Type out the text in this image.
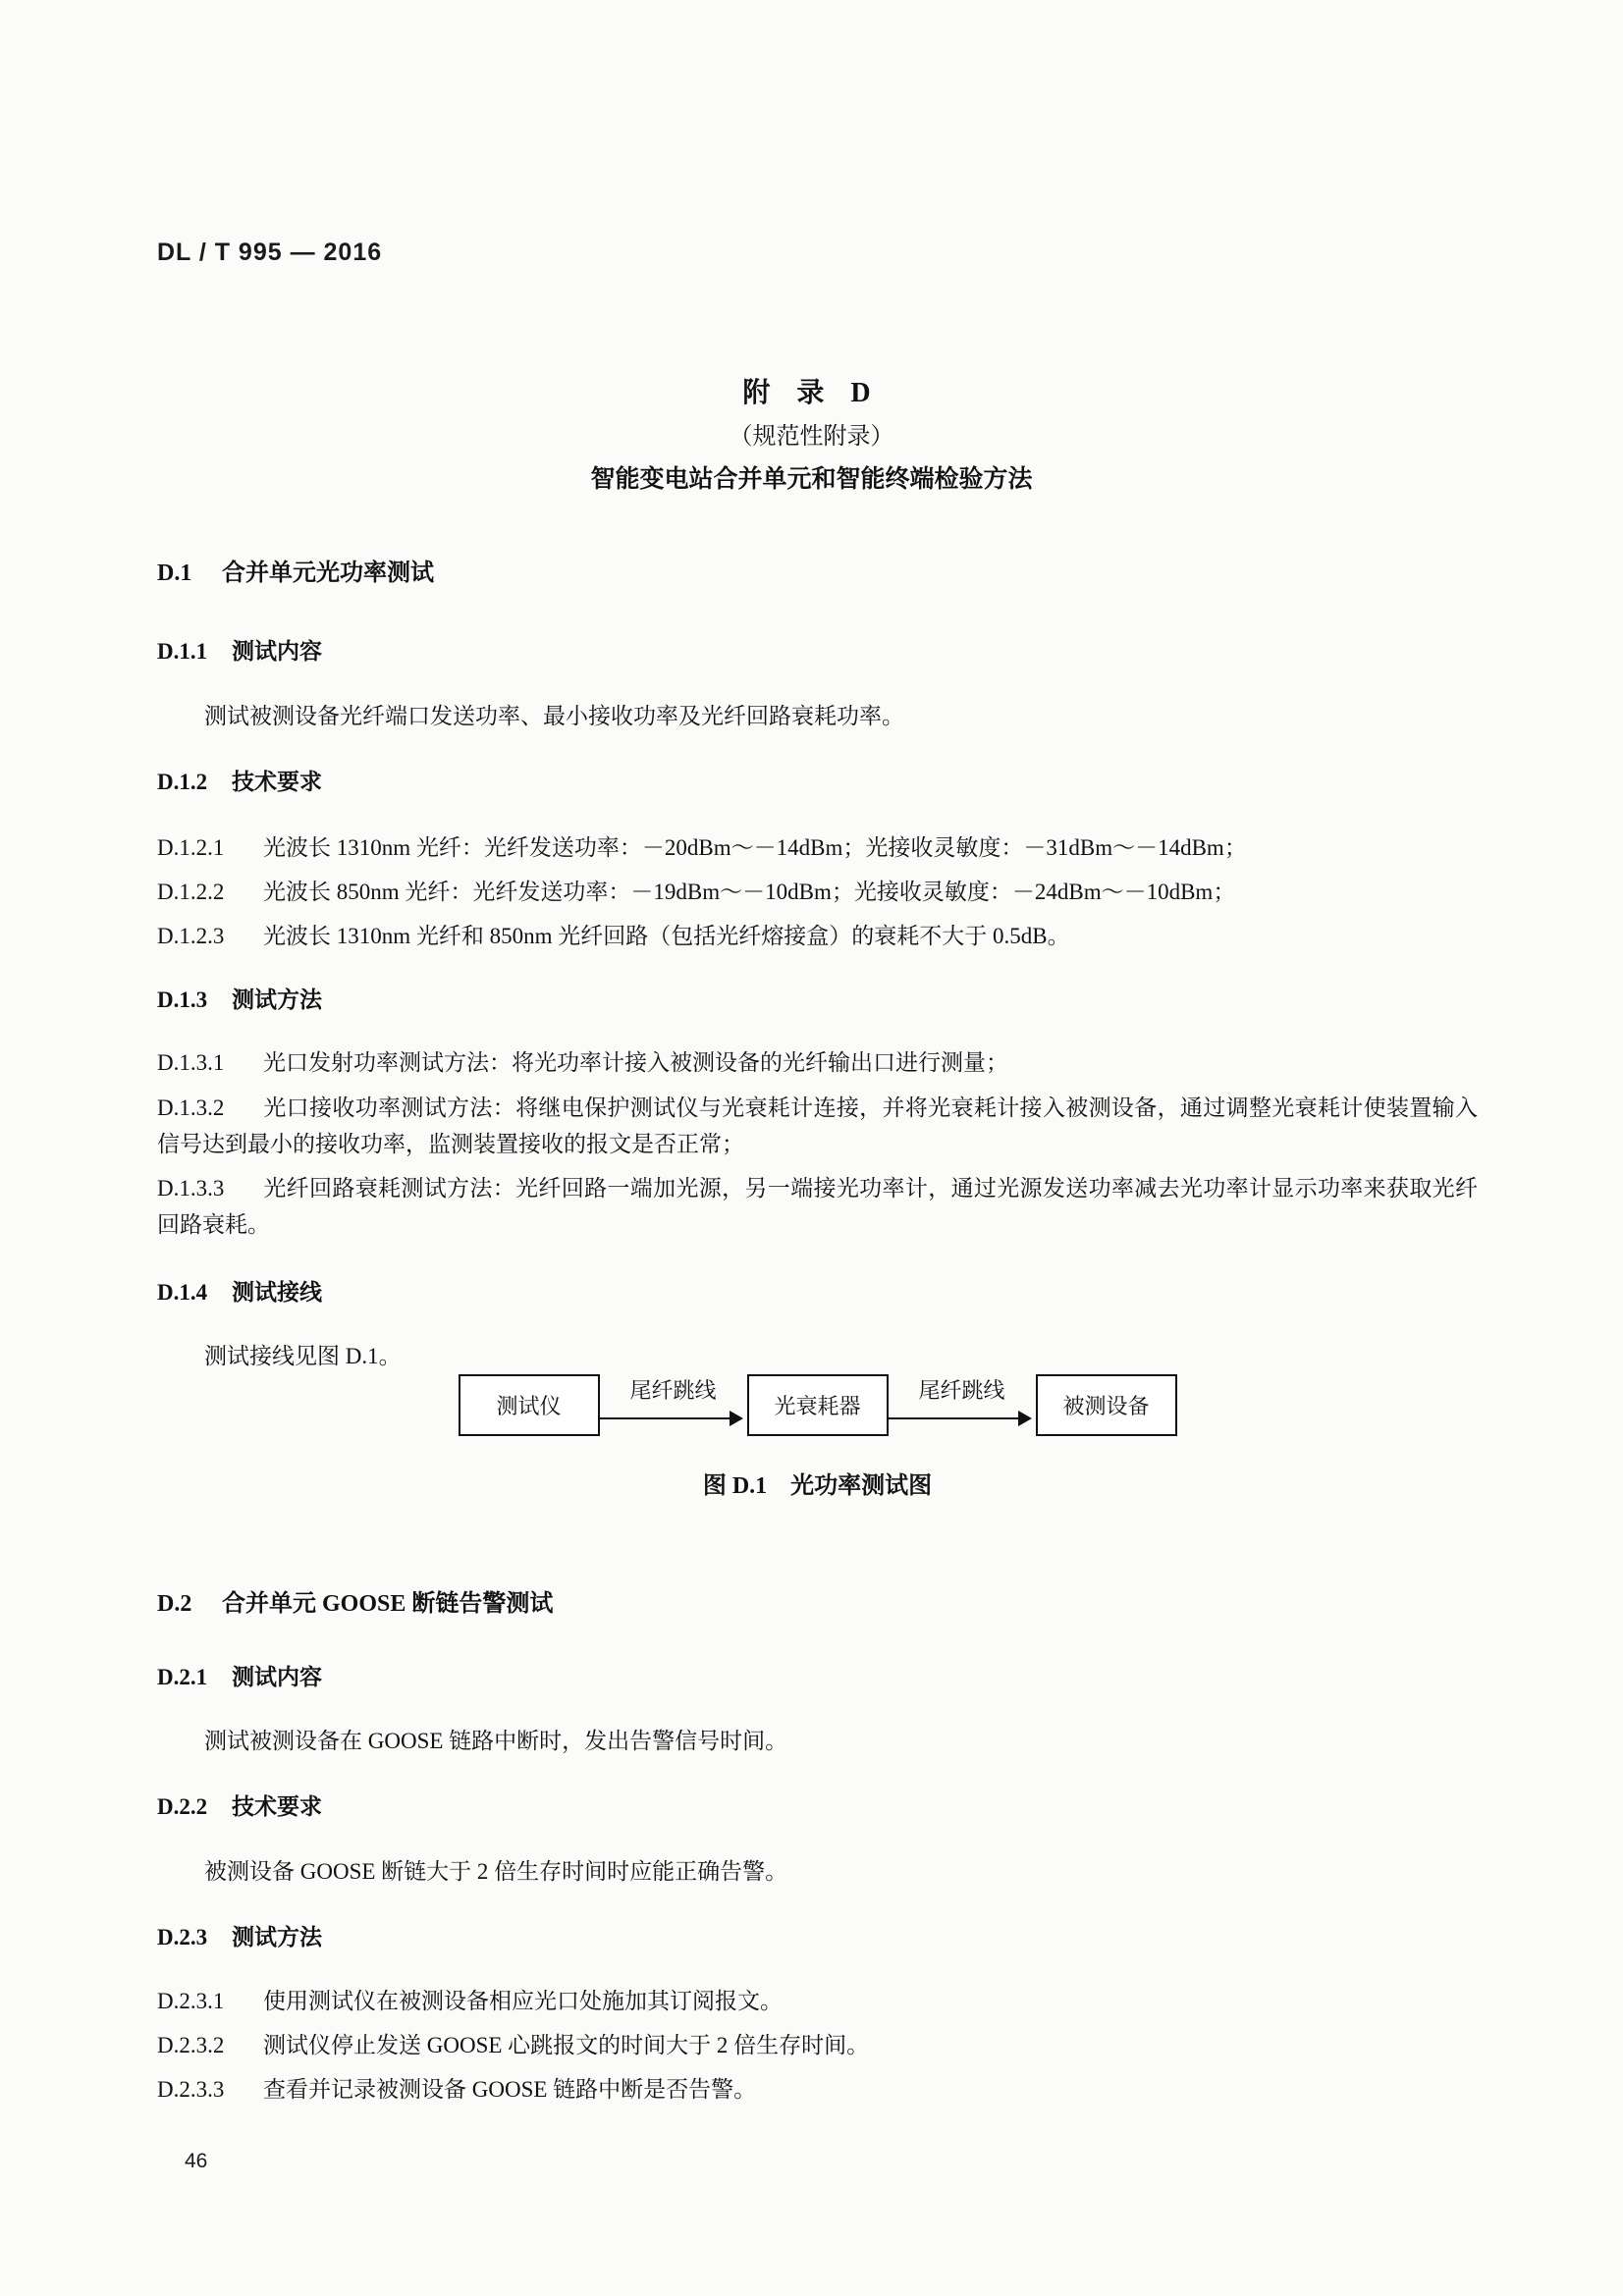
DL / T 995 — 2016
附 录 D
（规范性附录）
智能变电站合并单元和智能终端检验方法
D.1 合并单元光功率测试
D.1.1 测试内容
测试被测设备光纤端口发送功率、最小接收功率及光纤回路衰耗功率。
D.1.2 技术要求
D.1.2.1 光波长 1310nm 光纤：光纤发送功率：－20dBm～－14dBm；光接收灵敏度：－31dBm～－14dBm；
D.1.2.2 光波长 850nm 光纤：光纤发送功率：－19dBm～－10dBm；光接收灵敏度：－24dBm～－10dBm；
D.1.2.3 光波长 1310nm 光纤和 850nm 光纤回路（包括光纤熔接盒）的衰耗不大于 0.5dB。
D.1.3 测试方法
D.1.3.1 光口发射功率测试方法：将光功率计接入被测设备的光纤输出口进行测量；
D.1.3.2 光口接收功率测试方法：将继电保护测试仪与光衰耗计连接，并将光衰耗计接入被测设备，通过调整光衰耗计使装置输入信号达到最小的接收功率，监测装置接收的报文是否正常；
D.1.3.3 光纤回路衰耗测试方法：光纤回路一端加光源，另一端接光功率计，通过光源发送功率减去光功率计显示功率来获取光纤回路衰耗。
D.1.4 测试接线
测试接线见图 D.1。
测试仪
尾纤跳线
光衰耗器
尾纤跳线
被测设备
图 D.1　光功率测试图
D.2 合并单元 GOOSE 断链告警测试
D.2.1 测试内容
测试被测设备在 GOOSE 链路中断时，发出告警信号时间。
D.2.2 技术要求
被测设备 GOOSE 断链大于 2 倍生存时间时应能正确告警。
D.2.3 测试方法
D.2.3.1 使用测试仪在被测设备相应光口处施加其订阅报文。
D.2.3.2 测试仪停止发送 GOOSE 心跳报文的时间大于 2 倍生存时间。
D.2.3.3 查看并记录被测设备 GOOSE 链路中断是否告警。
46
